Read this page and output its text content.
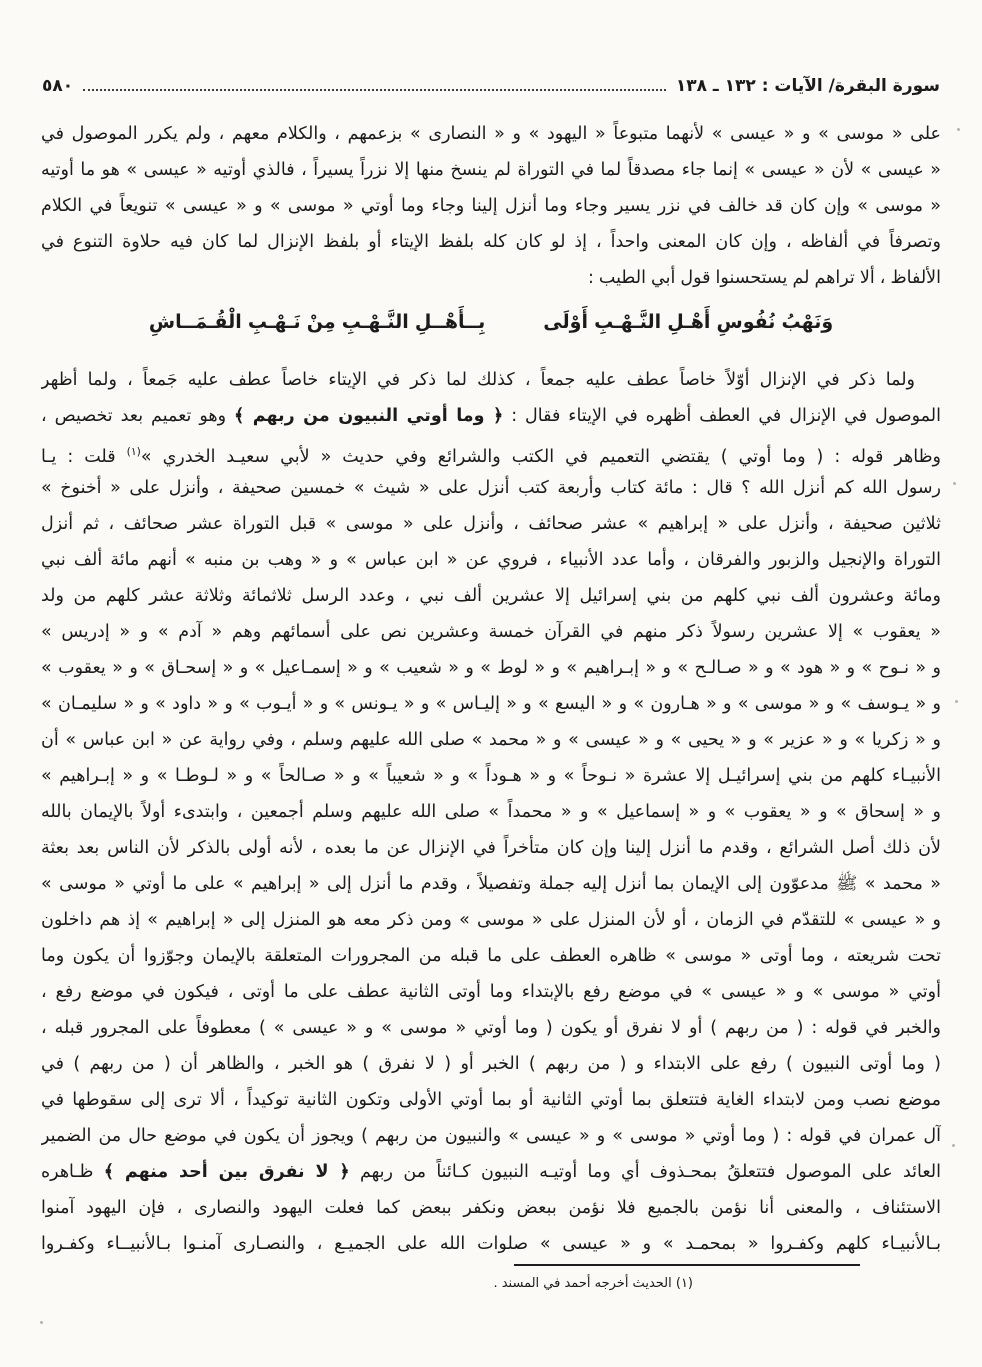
سورة البقرة/ الآيات : ١٣٢ ـ ١٣٨
٥٨٠
على « موسى » و « عيسى » لأنهما متبوعاً « اليهود » و « النصارى » بزعمهم ، والكلام معهم ، ولم يكرر الموصول في
« عيسى » لأن « عيسى » إنما جاء مصدقاً لما في التوراة لم ينسخ منها إلا نزراً يسيراً ، فالذي أوتيه « عيسى » هو ما أوتيه
« موسى » وإن كان قد خالف في نزر يسير وجاء وما أنزل إلينا وجاء وما أوتي « موسى » و « عيسى » تنويعاً في الكلام
وتصرفاً في ألفاظه ، وإن كان المعنى واحداً ، إذ لو كان كله بلفظ الإيتاء أو بلفظ الإنزال لما كان فيه حلاوة التنوع في
الألفاظ ، ألا تراهم لم يستحسنوا قول أبي الطيب :
وَنَهْبُ نُفُوسِ أَهْـلِ النَّـهْـبِ أَوْلَى
بِــأَهْــلِ النَّـهْـبِ مِنْ نَـهْـبِ الْقُـمَــاشِ
ولما ذكر في الإنزال أوّلاً خاصاً عطف عليه جمعاً ، كذلك لما ذكر في الإيتاء خاصاً عطف عليه جَمعاً ، ولما أظهر
الموصول في الإنزال في العطف أظهره في الإيتاء فقال : ﴿ وما أوتي النبيون من ربهم ﴾ وهو تعميم بعد تخصيص ،
وظاهر قوله : ( وما أوتي ) يقتضي التعميم في الكتب والشرائع وفي حديث « لأبي سعيـد الخدري »$^{(١)}$ قلت : يـا
رسول الله كم أنزل الله ؟ قال : مائة كتاب وأربعة كتب أنزل على « شيث » خمسين صحيفة ، وأنزل على « أخنوخ »
ثلاثين صحيفة ، وأنزل على « إبراهيم » عشر صحائف ، وأنزل على « موسى » قبل التوراة عشر صحائف ، ثم أنزل
التوراة والإنجيل والزبور والفرقان ، وأما عدد الأنبياء ، فروي عن « ابن عباس » و « وهب بن منبه » أنهم مائة ألف نبي
ومائة وعشرون ألف نبي كلهم من بني إسرائيل إلا عشرين ألف نبي ، وعدد الرسل ثلاثمائة وثلاثة عشر كلهم من ولد
« يعقوب » إلا عشرين رسولاً ذكر منهم في القرآن خمسة وعشرين نص على أسمائهم وهم « آدم » و « إدريس »
و « نـوح » و « هود » و « صـالـح » و « إبـراهيم » و « لوط » و « شعيب » و « إسمـاعيل » و « إسحـاق » و « يعقوب »
و « يـوسف » و « موسى » و « هـارون » و « اليسع » و « إليـاس » و « يـونس » و « أيـوب » و « داود » و « سليمـان »
و « زكريا » و « عزير » و « يحيى » و « عيسى » و « محمد » صلى الله عليهم وسلم ، وفي رواية عن « ابن عباس » أن
الأنبيـاء كلهم من بني إسرائيـل إلا عشرة « نـوحاً » و « هـوداً » و « شعيباً » و « صـالحاً » و « لـوطـا » و « إبـراهيم »
و « إسحاق » و « يعقوب » و « إسماعيل » و « محمداً » صلى الله عليهم وسلم أجمعين ، وابتدىء أولاً بالإيمان بالله
لأن ذلك أصل الشرائع ، وقدم ما أنزل إلينا وإن كان متأخراً في الإنزال عن ما بعده ، لأنه أولى بالذكر لأن الناس بعد بعثة
« محمد » ﷺ مدعوّون إلى الإيمان بما أنزل إليه جملة وتفصيلاً ، وقدم ما أنزل إلى « إبراهيم » على ما أوتي « موسى »
و « عيسى » للتقدّم في الزمان ، أو لأن المنزل على « موسى » ومن ذكر معه هو المنزل إلى « إبراهيم » إذ هم داخلون
تحت شريعته ، وما أوتى « موسى » ظاهره العطف على ما قبله من المجرورات المتعلقة بالإيمان وجوّزوا أن يكون وما
أوتي « موسى » و « عيسى » في موضع رفع بالإبتداء وما أوتى الثانية عطف على ما أوتى ، فيكون في موضع رفع ،
والخبر في قوله : ( من ربهم ) أو لا نفرق أو يكون ( وما أوتي « موسى » و « عيسى » ) معطوفاً على المجرور قبله ،
( وما أوتى النبيون ) رفع على الابتداء و ( من ربهم ) الخبر أو ( لا نفرق ) هو الخبر ، والظاهر أن ( من ربهم ) في
موضع نصب ومن لابتداء الغاية فتتعلق بما أوتي الثانية أو بما أوتي الأولى وتكون الثانية توكيداً ، ألا ترى إلى سقوطها في
آل عمران في قوله : ( وما أوتي « موسى » و « عيسى » والنبيون من ربهم ) ويجوز أن يكون في موضع حال من الضمير
العائد على الموصول فتتعلقُ بمحـذوف أي وما أوتيـه النبيون كـائناً من ربهم ﴿ لا نفرق بين أحد منهم ﴾ ظـاهره
الاستئناف ، والمعنى أنا نؤمن بالجميع فلا نؤمن ببعض ونكفر ببعض كما فعلت اليهود والنصارى ، فإن اليهود آمنوا
بـالأنبيـاء كلهم وكفـروا « بمحمـد » و « عيسى » صلوات الله على الجميـع ، والنصـارى آمنـوا بـالأنبيــاء وكفـروا
(١) الحديث أخرجه أحمد في المسند .
